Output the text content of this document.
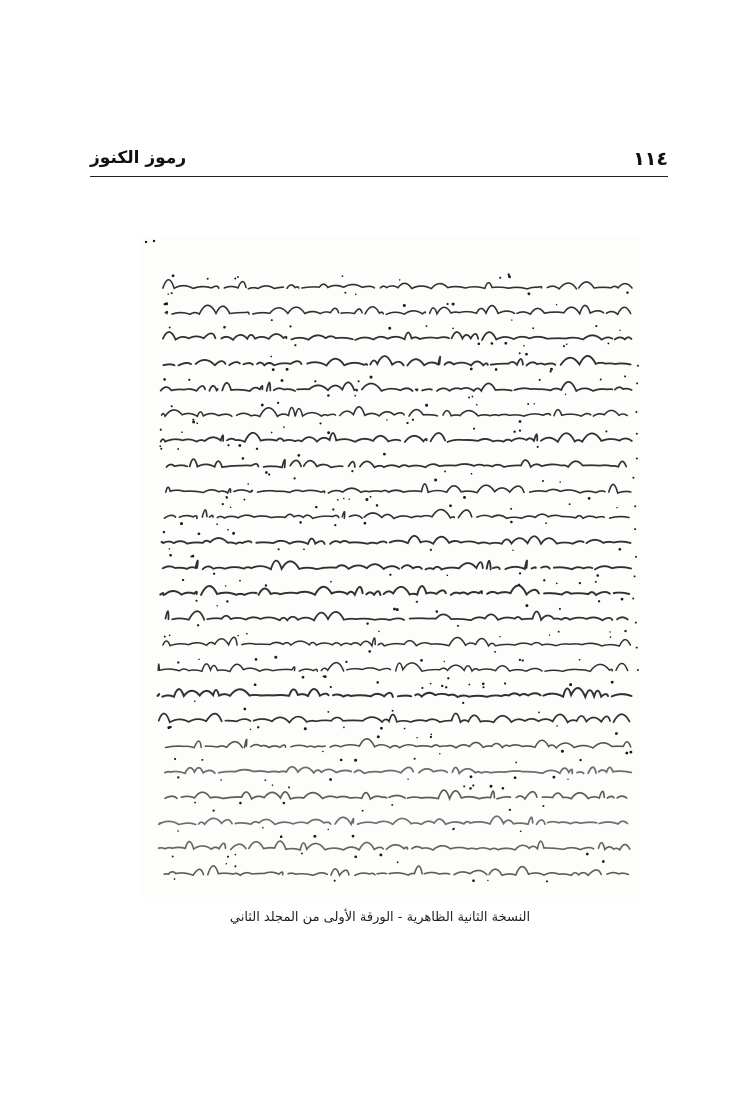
١١٤
رموز الكنوز
النسخة الثانية الظاهرية - الورقة الأولى من المجلد الثاني
